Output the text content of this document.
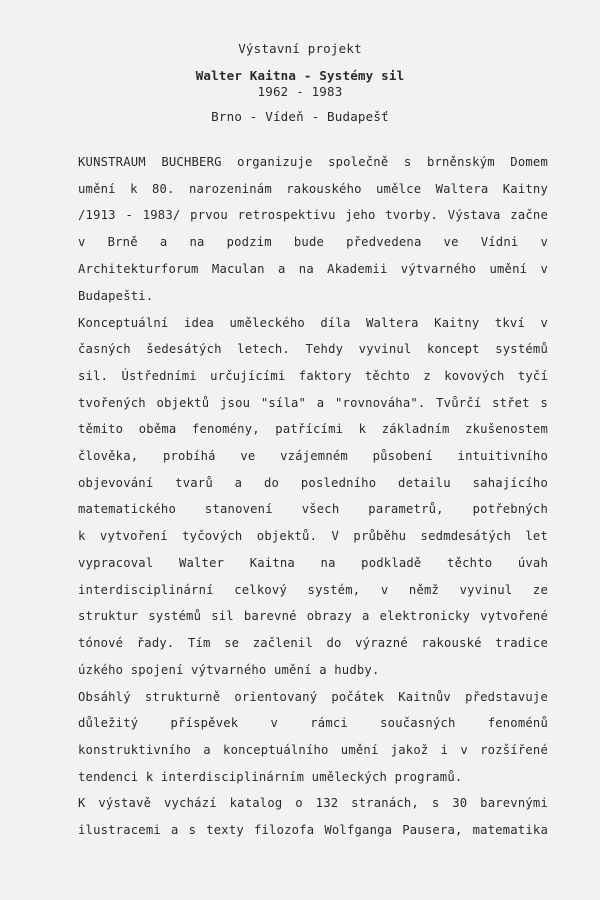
Výstavní projekt
Walter Kaitna - Systémy sil
1962 - 1983
Brno - Vídeň - Budapešť
KUNSTRAUM BUCHBERG organizuje společně s brněnským Domem
umění k 80. narozeninám rakouského umělce Waltera Kaitny
/1913 - 1983/ prvou retrospektivu jeho tvorby. Výstava začne
v Brně a na podzim bude předvedena ve Vídni v
Architekturforum Maculan a na Akademii výtvarného umění v
Budapešti.
Konceptuální idea uměleckého díla Waltera Kaitny tkví v
časných šedesátých letech. Tehdy vyvinul koncept systémů
sil. Ústředními určujícími faktory těchto z kovových tyčí
tvořených objektů jsou "síla" a "rovnováha". Tvůrčí střet s
těmito oběma fenomény, patřícími k základním zkušenostem
člověka, probíhá ve vzájemném působení intuitivního
objevování tvarů a do posledního detailu sahajícího
matematického stanovení všech parametrů, potřebných
k vytvoření tyčových objektů. V průběhu sedmdesátých let
vypracoval Walter Kaitna na podkladě těchto úvah
interdisciplinární celkový systém, v němž vyvinul ze
struktur systémů sil barevné obrazy a elektronicky vytvořené
tónové řady. Tím se začlenil do výrazné rakouské tradice
úzkého spojení výtvarného umění a hudby.
Obsáhlý strukturně orientovaný počátek Kaitnův představuje
důležitý příspěvek v rámci současných fenoménů
konstruktivního a konceptuálního umění jakož i v rozšířené
tendenci k interdisciplinárním uměleckých programů.
K výstavě vychází katalog o 132 stranách, s 30 barevnými
ilustracemi a s texty filozofa Wolfganga Pausera, matematika
